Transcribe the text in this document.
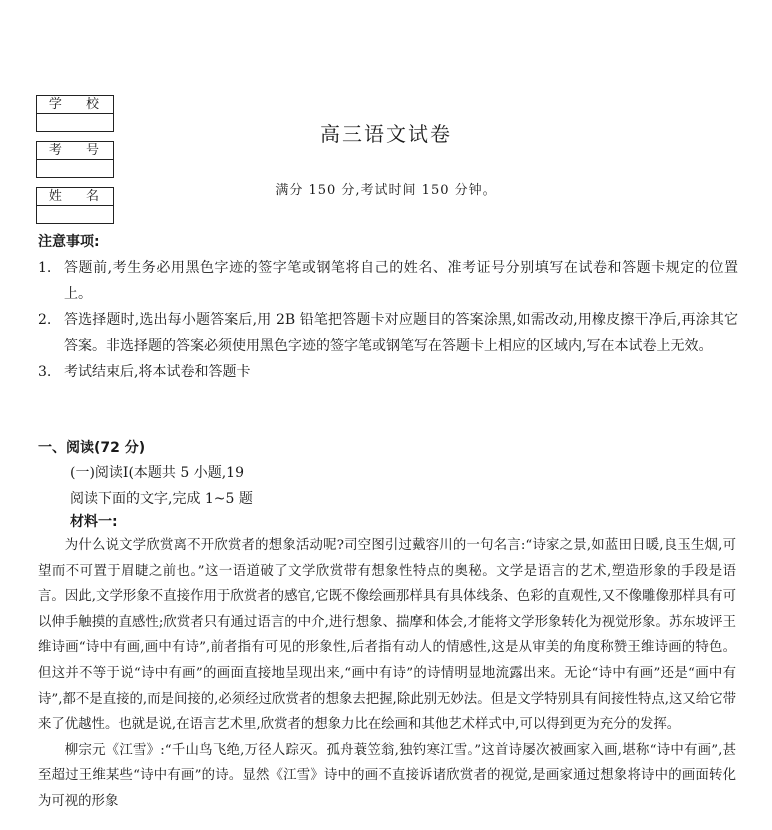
学 校
考 号
姓 名
高三语文试卷
满分 150 分,考试时间 150 分钟。
注意事项:
1. 答题前,考生务必用黑色字迹的签字笔或钢笔将自己的姓名、准考证号分别填写在试卷和答题卡规定的位置上。
2. 答选择题时,选出每小题答案后,用 2B 铅笔把答题卡对应题目的答案涂黑,如需改动,用橡皮擦干净后,再涂其它答案。非选择题的答案必须使用黑色字迹的签字笔或钢笔写在答题卡上相应的区域内,写在本试卷上无效。
3. 考试结束后,将本试卷和答题卡
一、阅读(72 分)
(一)阅读Ⅰ(本题共 5 小题,19
阅读下面的文字,完成 1~5 题
材料一:

为什么说文学欣赏离不开欣赏者的想象活动呢?司空图引过戴容川的一句名言:“诗家之景,如蓝田日暖,良玉生烟,可望而不可置于眉睫之前也。”这一语道破了文学欣赏带有想象性特点的奥秘。文学是语言的艺术,塑造形象的手段是语言。因此,文学形象不直接作用于欣赏者的感官,它既不像绘画那样具有具体线条、色彩的直观性,又不像雕像那样具有可以伸手触摸的直感性;欣赏者只有通过语言的中介,进行想象、揣摩和体会,才能将文学形象转化为视觉形象。苏东坡评王维诗画“诗中有画,画中有诗”,前者指有可见的形象性,后者指有动人的情感性,这是从审美的角度称赞王维诗画的特色。但这并不等于说“诗中有画”的画面直接地呈现出来,“画中有诗”的诗情明显地流露出来。无论“诗中有画”还是“画中有诗”,都不是直接的,而是间接的,必须经过欣赏者的想象去把握,除此别无妙法。但是文学特别具有间接性特点,这又给它带来了优越性。也就是说,在语言艺术里,欣赏者的想象力比在绘画和其他艺术样式中,可以得到更为充分的发挥。

柳宗元《江雪》:“千山鸟飞绝,万径人踪灭。孤舟蓑笠翁,独钓寒江雪。”这首诗屡次被画家入画,堪称“诗中有画”,甚至超过王维某些“诗中有画”的诗。显然《江雪》诗中的画不直接诉诸欣赏者的视觉,是画家通过想象将诗中的画面转化为可视的形象
